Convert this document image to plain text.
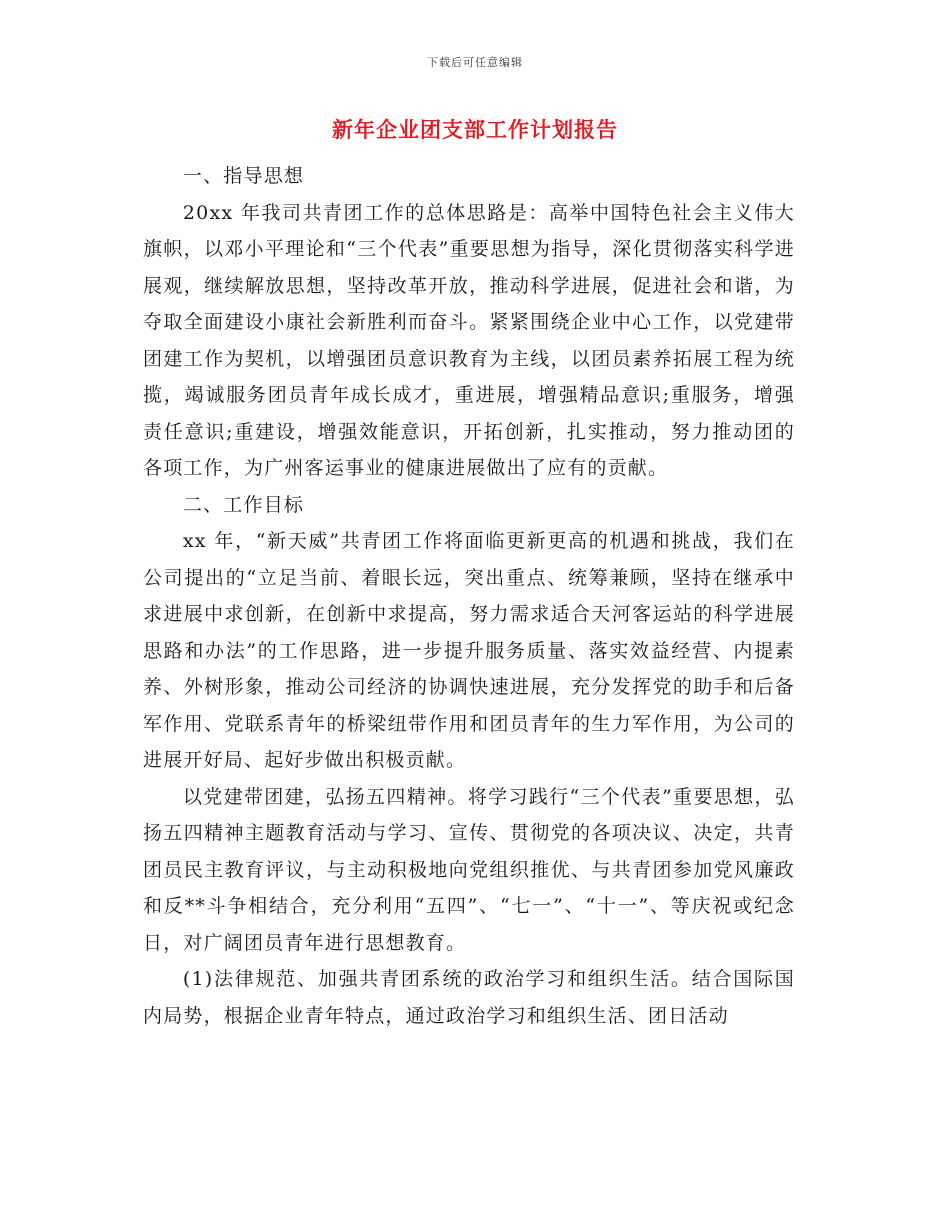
下载后可任意编辑
新年企业团支部工作计划报告

一、指导思想

20xx 年我司共青团工作的总体思路是：高举中国特色社会主义伟大旗帜，以邓小平理论和“三个代表”重要思想为指导，深化贯彻落实科学进展观，继续解放思想，坚持改革开放，推动科学进展，促进社会和谐，为夺取全面建设小康社会新胜利而奋斗。紧紧围绕企业中心工作，以党建带团建工作为契机，以增强团员意识教育为主线，以团员素养拓展工程为统揽，竭诚服务团员青年成长成才，重进展，增强精品意识;重服务，增强责任意识;重建设，增强效能意识，开拓创新，扎实推动，努力推动团的各项工作，为广州客运事业的健康进展做出了应有的贡献。

二、工作目标

xx 年，“新天威”共青团工作将面临更新更高的机遇和挑战，我们在公司提出的“立足当前、着眼长远，突出重点、统筹兼顾，坚持在继承中求进展中求创新，在创新中求提高，努力需求适合天河客运站的科学进展思路和办法”的工作思路，进一步提升服务质量、落实效益经营、内提素养、外树形象，推动公司经济的协调快速进展，充分发挥党的助手和后备军作用、党联系青年的桥梁纽带作用和团员青年的生力军作用，为公司的进展开好局、起好步做出积极贡献。

以党建带团建，弘扬五四精神。将学习践行“三个代表”重要思想，弘扬五四精神主题教育活动与学习、宣传、贯彻党的各项决议、决定，共青团员民主教育评议，与主动积极地向党组织推优、与共青团参加党风廉政和反**斗争相结合，充分利用“五四”、“七一”、“十一”、等庆祝或纪念日，对广阔团员青年进行思想教育。

(1)法律规范、加强共青团系统的政治学习和组织生活。结合国际国内局势，根据企业青年特点，通过政治学习和组织生活、团日活动
